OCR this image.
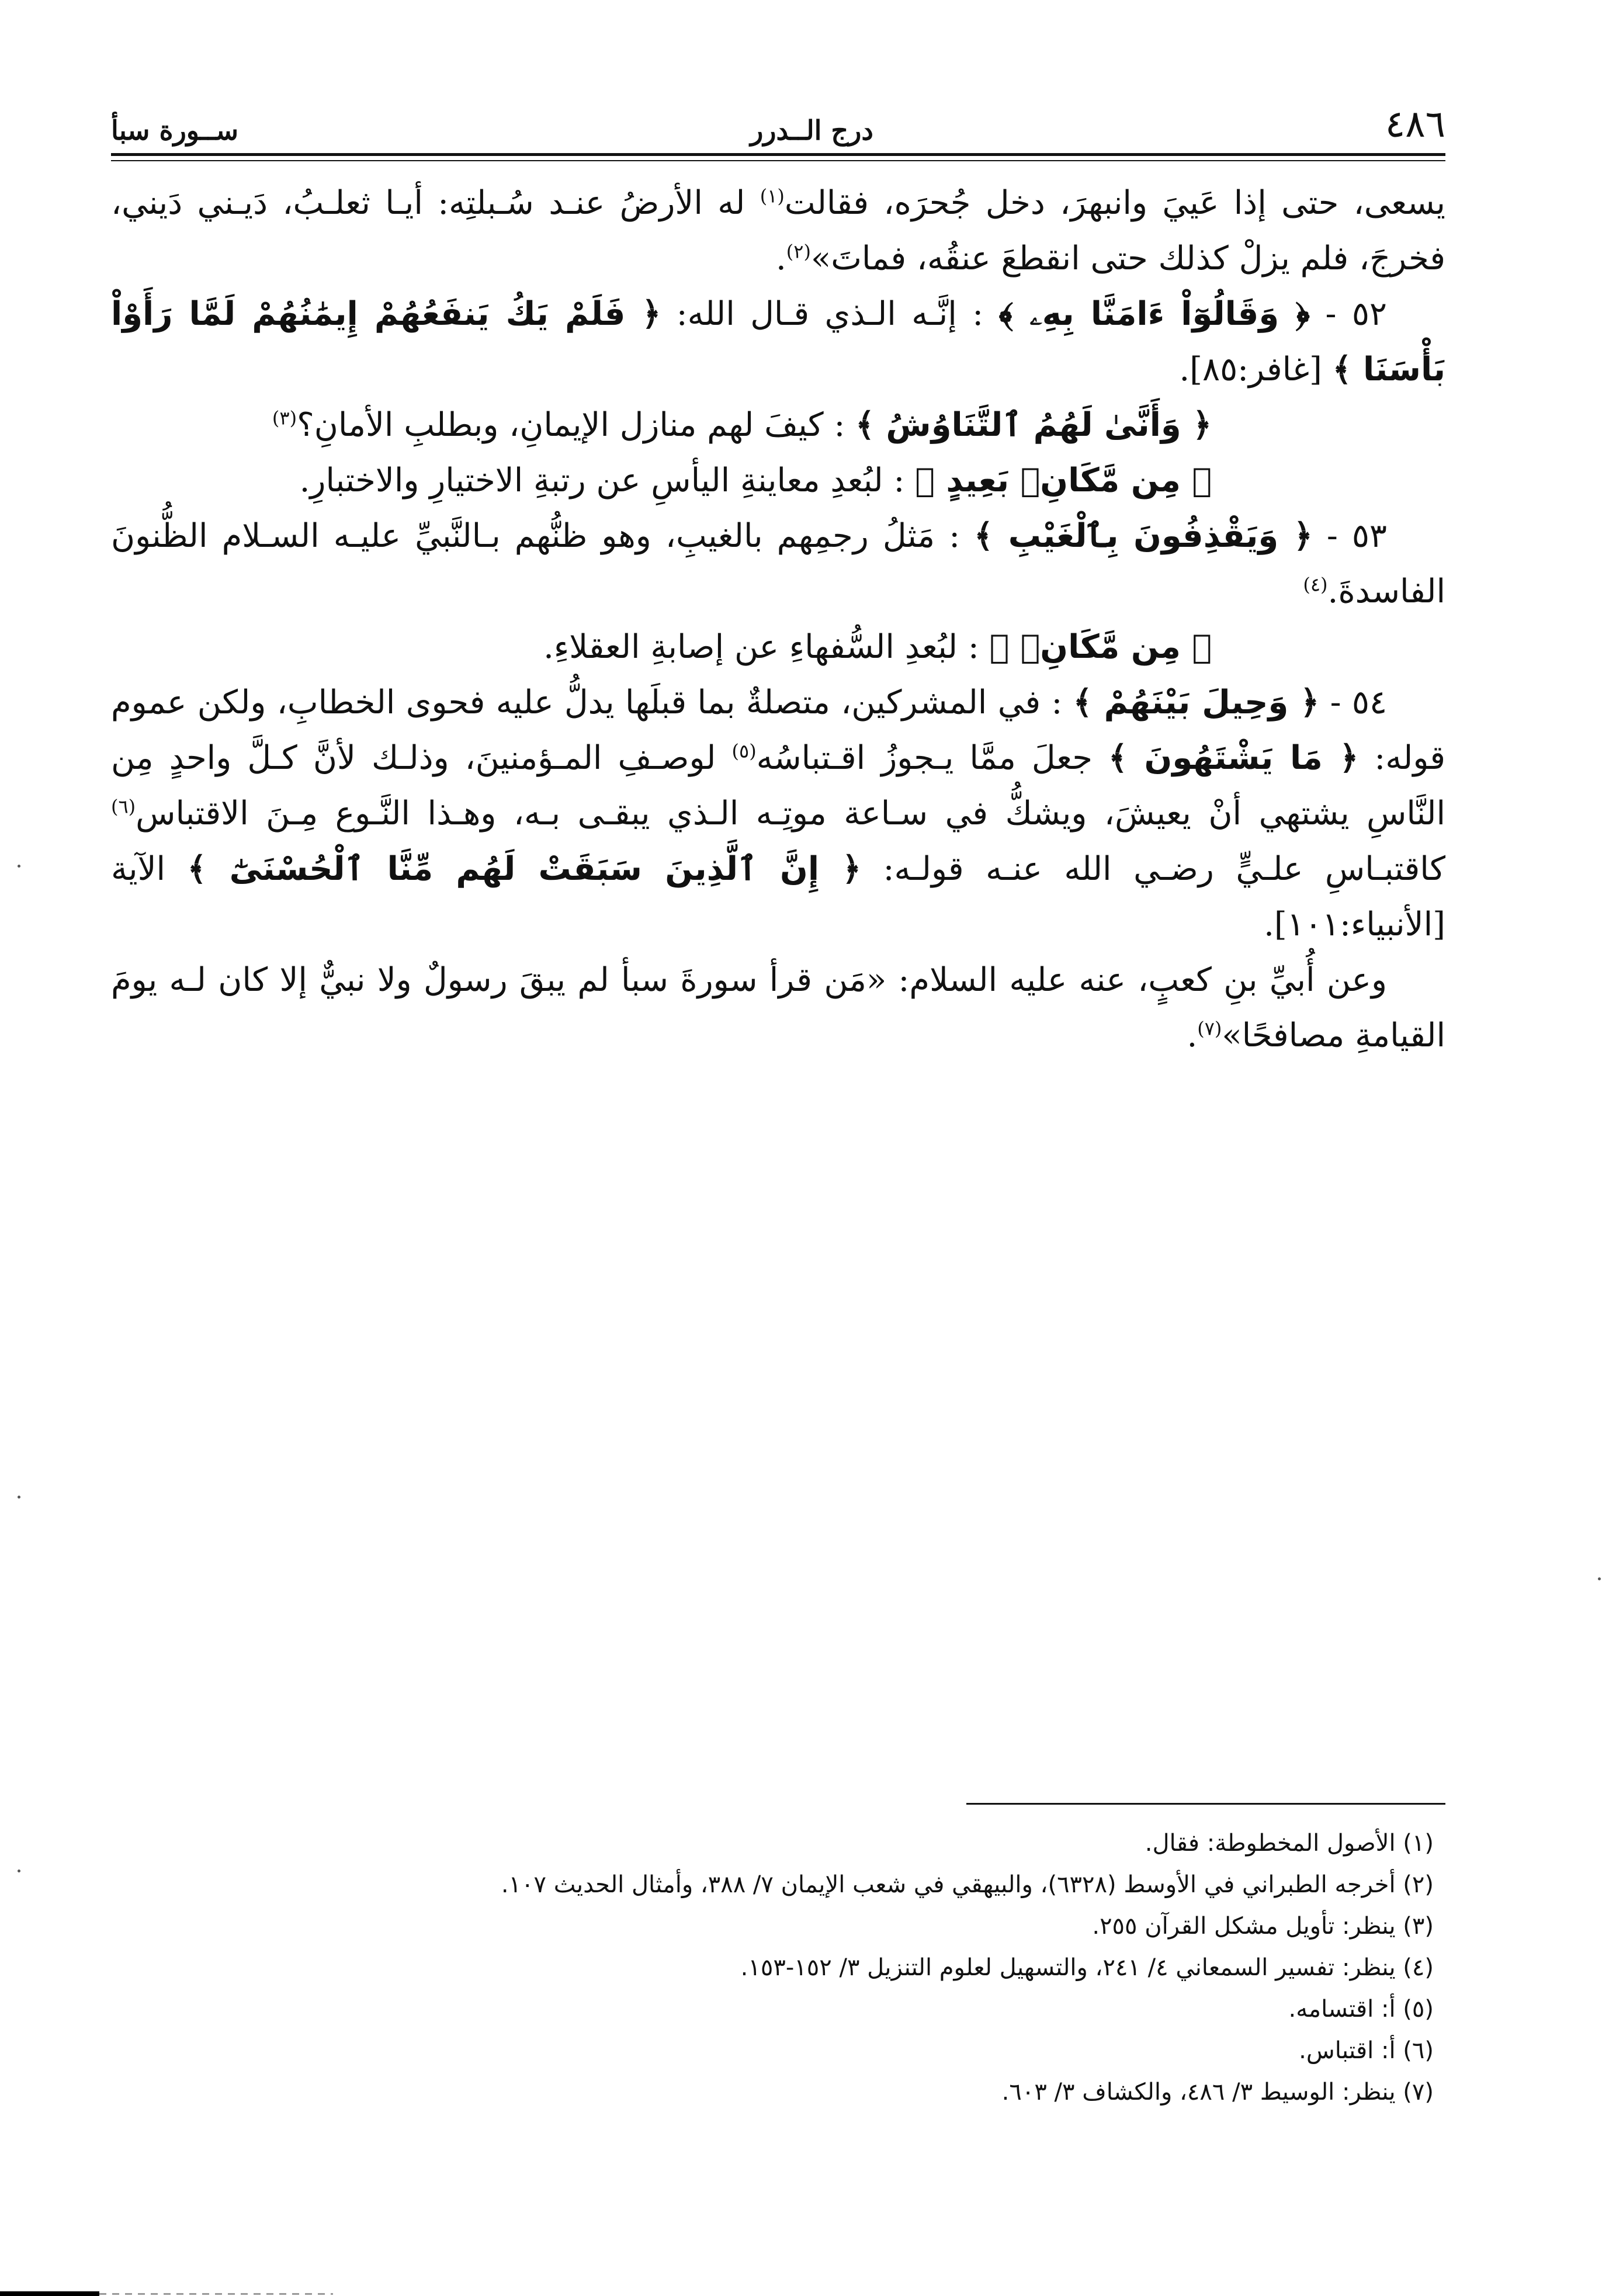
٤٨٦
درج الــدرر
ســورة سبأ

يسعى، حتى إذا عَييَ وانبهرَ، دخل جُحرَه، فقالت$^{(١)}$ له الأرضُ عنـد سُـبلتِه: أيـا ثعلـبُ، دَيـني دَيني، فخرجَ، فلم يزلْ كذلك حتى انقطعَ عنقُه، فماتَ»$^{(٢)}$.

٥٢ - ﴿ وَقَالُوٓاْ ءَامَنَّا بِهِۦ ﴾ : إنَّـه الـذي قـال الله: ﴿ فَلَمْ يَكُ يَنفَعُهُمْ إِيمَٰنُهُمْ لَمَّا رَأَوْاْ بَأْسَنَا ﴾ [غافر:٨٥].

﴿ وَأَنَّىٰ لَهُمُ ٱلتَّنَاوُشُ ﴾ : كيفَ لهم منازل الإيمانِ، وبطلبِ الأمانِ؟$^{(٣)}$

﴿ مِن مَّكَانِۭ بَعِيدٍ ﴾ : لبُعدِ معاينةِ اليأسِ عن رتبةِ الاختيارِ والاختبارِ.

٥٣ - ﴿ وَيَقْذِفُونَ بِٱلْغَيْبِ ﴾ : مَثلُ رجمِهم بالغيبِ، وهو ظنُّهم بـالنَّبيِّ عليـه السـلام الظُّنونَ الفاسدةَ.$^{(٤)}$

﴿ مِن مَّكَانِۭ ﴾ : لبُعدِ السُّفهاءِ عن إصابةِ العقلاءِ.

٥٤ - ﴿ وَحِيلَ بَيْنَهُمْ ﴾ : في المشركين، متصلةٌ بما قبلَها يدلُّ عليه فحوى الخطابِ، ولكن عموم قوله: ﴿ مَا يَشْتَهُونَ ﴾ جعلَ ممَّا يـجوزُ اقـتباسُه$^{(٥)}$ لوصـفِ المـؤمنينَ، وذلـك لأنَّ كـلَّ واحدٍ مِن النَّاسِ يشتهي أنْ يعيشَ، ويشكُّ في سـاعة موتِـه الـذي يبقـى بـه، وهـذا النَّـوع مِـنَ الاقتباس$^{(٦)}$ كاقتبـاسِ علـيٍّ رضـي الله عنـه قولـه: ﴿ إِنَّ ٱلَّذِينَ سَبَقَتْ لَهُم مِّنَّا ٱلْحُسْنَىٰٓ ﴾ الآية [الأنبياء:١٠١].

وعن أُبيِّ بنِ كعبٍ، عنه عليه السلام: «مَن قرأ سورةَ سبأ لم يبقَ رسولٌ ولا نبيٌّ إلا كان لـه يومَ القيامةِ مصافحًا»$^{(٧)}$.

(١) الأصول المخطوطة: فقال.

(٢) أخرجه الطبراني في الأوسط (٦٣٢٨)، والبيهقي في شعب الإيمان ٧/ ٣٨٨، وأمثال الحديث ١٠٧.

(٣) ينظر: تأويل مشكل القرآن ٢٥٥.

(٤) ينظر: تفسير السمعاني ٤/ ٢٤١، والتسهيل لعلوم التنزيل ٣/ ١٥٢-١٥٣.

(٥) أ: اقتسامه.

(٦) أ: اقتباس.

(٧) ينظر: الوسيط ٣/ ٤٨٦، والكشاف ٣/ ٦٠٣.
